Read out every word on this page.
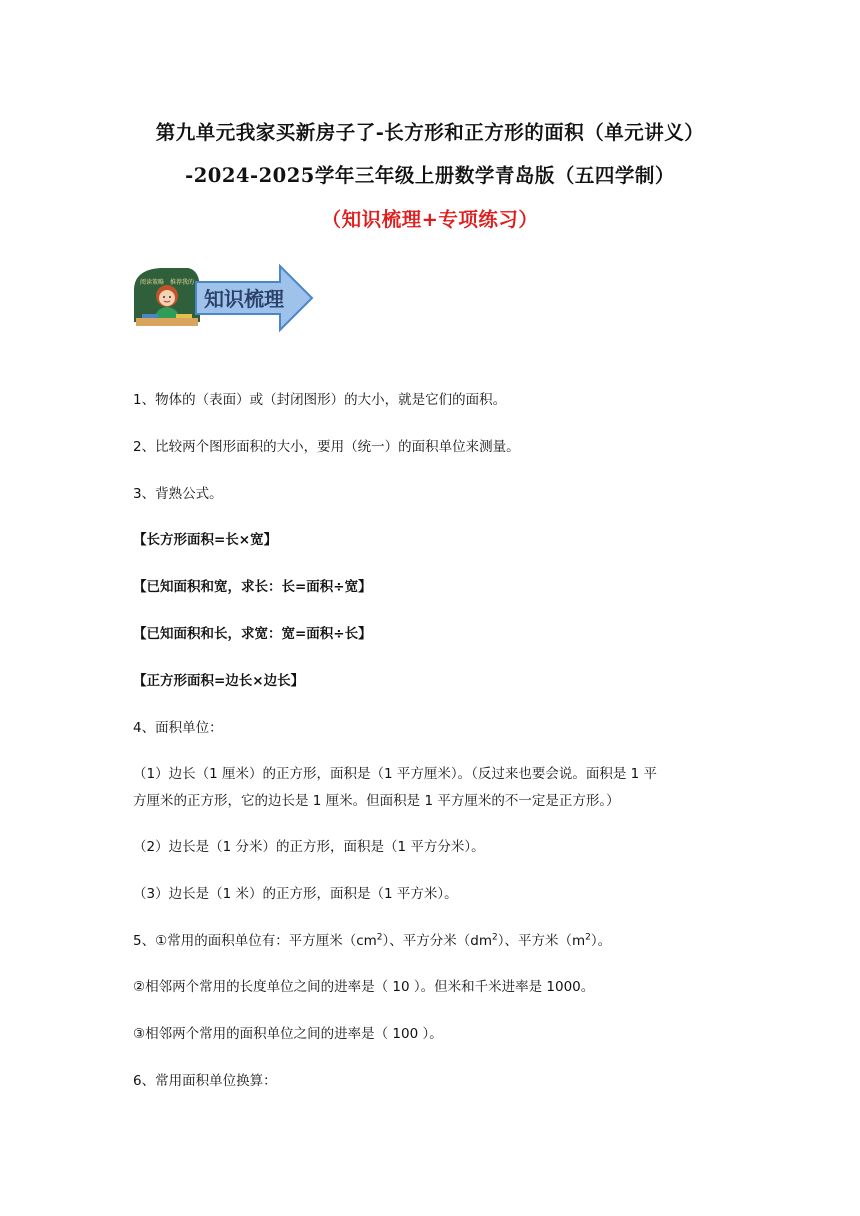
第九单元我家买新房子了-长方形和正方形的面积（单元讲义）
-2024-2025学年三年级上册数学青岛版（五四学制）
（知识梳理+专项练习）
阅读策略 推荐我的
知识梳理
1、物体的（表面）或（封闭图形）的大小，就是它们的面积。
2、比较两个图形面积的大小，要用（统一）的面积单位来测量。
3、背熟公式。
【长方形面积=长×宽】
【已知面积和宽，求长：长=面积÷宽】
【已知面积和长，求宽：宽=面积÷长】
【正方形面积=边长×边长】
4、面积单位：
（1）边长（1 厘米）的正方形，面积是（1 平方厘米）。（反过来也要会说。面积是 1 平
方厘米的正方形，它的边长是 1 厘米。但面积是 1 平方厘米的不一定是正方形。）
（2）边长是（1 分米）的正方形，面积是（1 平方分米）。
（3）边长是（1 米）的正方形，面积是（1 平方米）。
5、①常用的面积单位有：平方厘米$(cm^2)$、平方分米$(dm^2)$、平方米$(m^2)$。
②相邻两个常用的长度单位之间的进率是（ 10 ）。但米和千米进率是 1000。
③相邻两个常用的面积单位之间的进率是（ 100 ）。
6、常用面积单位换算：
